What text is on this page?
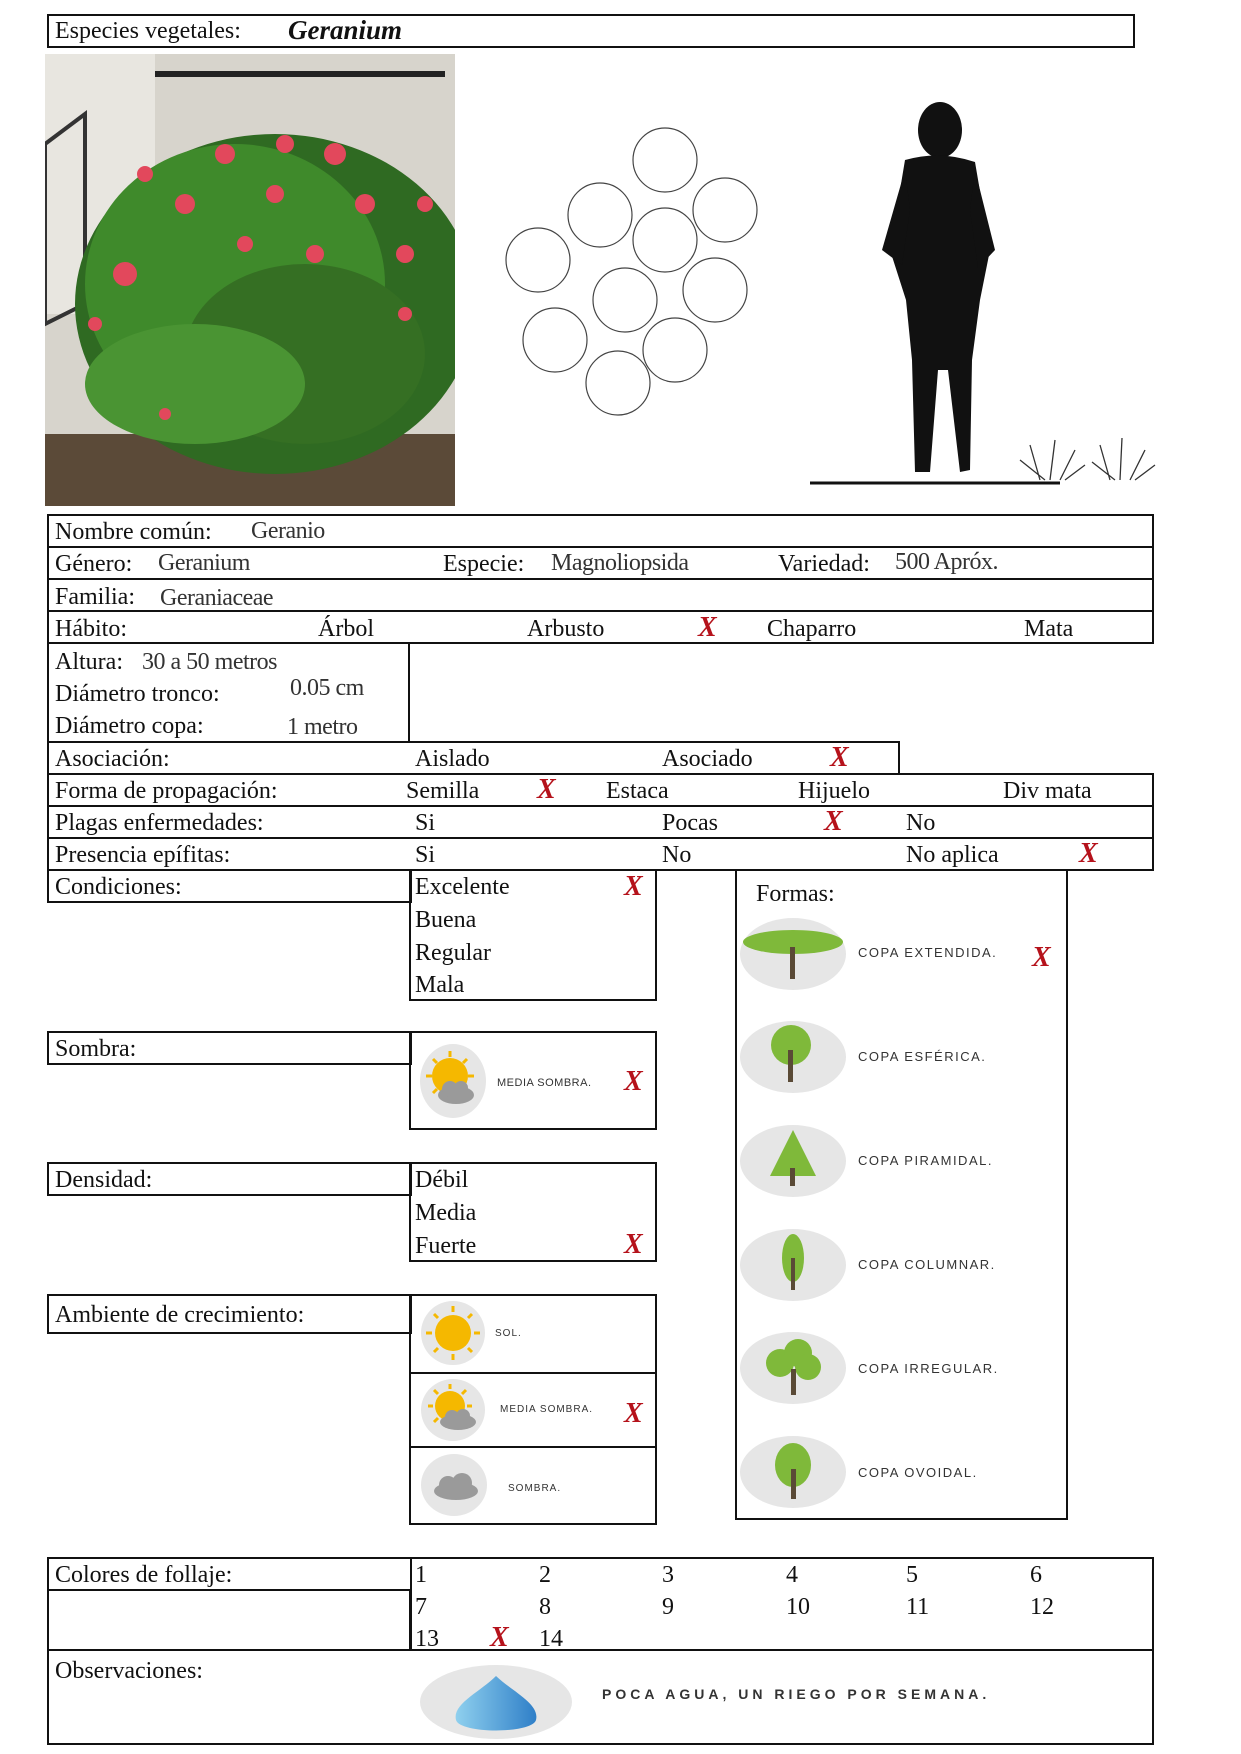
Especies vegetales: Geranium
Nombre común: Geranio
Género: Geranium	Especie: Magnoliopsida	Variedad: 500 Apróx.
Familia: Geraniaceae
Hábito:	Árbol	Arbusto	X Chaparro	Mata
Altura: 30 a 50 metros
Diámetro tronco:	0.05 cm
Diámetro copa:	1 metro
Asociación:	Aislado	Asociado	X
Forma de propagación:	Semilla X Estaca	Hijuelo	Div mata
Plagas enfermedades:	Si	Pocas	X	No
Presencia epífitas:	Si	No	No aplica	X
Condiciones:	Excelente	X
Buena
Regular
Mala
Sombra:
MEDIA SOMBRA. X
Densidad:	Débil
Media
Fuerte	X
Ambiente de crecimiento:
SOL.
MEDIA SOMBRA. X
SOMBRA.
Formas:
COPA EXTENDIDA. X
COPA ESFÉRICA.
COPA PIRAMIDAL.
COPA COLUMNAR.
COPA IRREGULAR.
COPA OVOIDAL.
Colores de follaje:	1	2	3	4	5	6
7	8	9	10	11	12
13 X 14
Observaciones:
POCA AGUA, UN RIEGO POR SEMANA.
